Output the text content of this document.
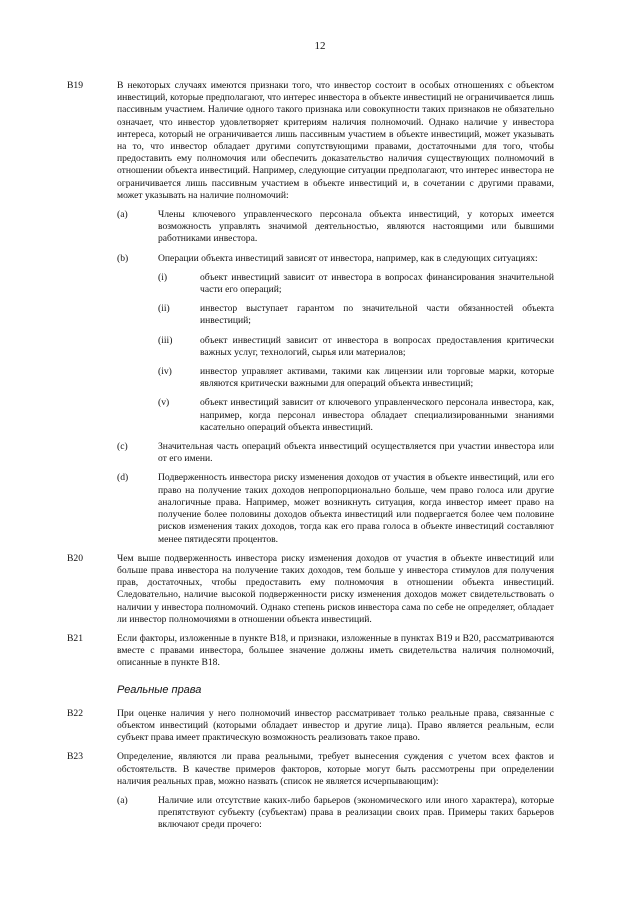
12
B19	В некоторых случаях имеются признаки того, что инвестор состоит в особых отношениях с объектом инвестиций, которые предполагают, что интерес инвестора в объекте инвестиций не ограничивается лишь пассивным участием. Наличие одного такого признака или совокупности таких признаков не обязательно означает, что инвестор удовлетворяет критериям наличия полномочий. Однако наличие у инвестора интереса, который не ограничивается лишь пассивным участием в объекте инвестиций, может указывать на то, что инвестор обладает другими сопутствующими правами, достаточными для того, чтобы предоставить ему полномочия или обеспечить доказательство наличия существующих полномочий в отношении объекта инвестиций. Например, следующие ситуации предполагают, что интерес инвестора не ограничивается лишь пассивным участием в объекте инвестиций и, в сочетании с другими правами, может указывать на наличие полномочий:
(a)	Члены ключевого управленческого персонала объекта инвестиций, у которых имеется возможность управлять значимой деятельностью, являются настоящими или бывшими работниками инвестора.
(b)	Операции объекта инвестиций зависят от инвестора, например, как в следующих ситуациях:
(i)	объект инвестиций зависит от инвестора в вопросах финансирования значительной части его операций;
(ii)	инвестор выступает гарантом по значительной части обязанностей объекта инвестиций;
(iii)	объект инвестиций зависит от инвестора в вопросах предоставления критически важных услуг, технологий, сырья или материалов;
(iv)	инвестор управляет активами, такими как лицензии или торговые марки, которые являются критически важными для операций объекта инвестиций;
(v)	объект инвестиций зависит от ключевого управленческого персонала инвестора, как, например, когда персонал инвестора обладает специализированными знаниями касательно операций объекта инвестиций.
(c)	Значительная часть операций объекта инвестиций осуществляется при участии инвестора или от его имени.
(d)	Подверженность инвестора риску изменения доходов от участия в объекте инвестиций, или его право на получение таких доходов непропорционально больше, чем право голоса или другие аналогичные права. Например, может возникнуть ситуация, когда инвестор имеет право на получение более половины доходов объекта инвестиций или подвергается более чем половине рисков изменения таких доходов, тогда как его права голоса в объекте инвестиций составляют менее пятидесяти процентов.
B20	Чем выше подверженность инвестора риску изменения доходов от участия в объекте инвестиций или больше права инвестора на получение таких доходов, тем больше у инвестора стимулов для получения прав, достаточных, чтобы предоставить ему полномочия в отношении объекта инвестиций. Следовательно, наличие высокой подверженности риску изменения доходов может свидетельствовать о наличии у инвестора полномочий. Однако степень рисков инвестора сама по себе не определяет, обладает ли инвестор полномочиями в отношении объекта инвестиций.
B21	Если факторы, изложенные в пункте B18, и признаки, изложенные в пунктах B19 и B20, рассматриваются вместе с правами инвестора, большее значение должны иметь свидетельства наличия полномочий, описанные в пункте B18.
Реальные права
B22	При оценке наличия у него полномочий инвестор рассматривает только реальные права, связанные с объектом инвестиций (которыми обладает инвестор и другие лица). Право является реальным, если субъект права имеет практическую возможность реализовать такое право.
B23	Определение, являются ли права реальными, требует вынесения суждения с учетом всех фактов и обстоятельств. В качестве примеров факторов, которые могут быть рассмотрены при определении наличия реальных прав, можно назвать (список не является исчерпывающим):
(a)	Наличие или отсутствие каких-либо барьеров (экономического или иного характера), которые препятствуют субъекту (субъектам) права в реализации своих прав. Примеры таких барьеров включают среди прочего:
